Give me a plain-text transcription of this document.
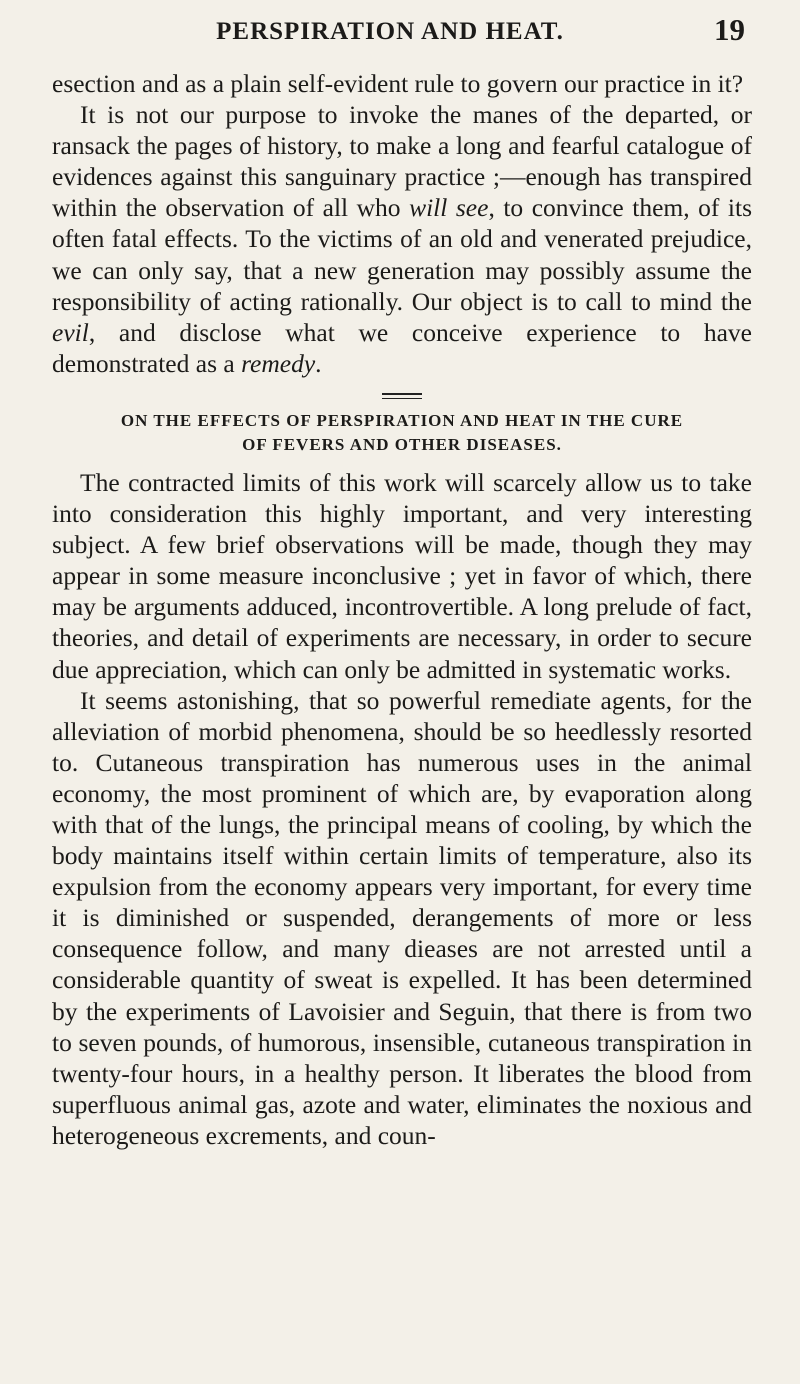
PERSPIRATION AND HEAT.	19

esection and as a plain self-evident rule to govern our practice in it?

It is not our purpose to invoke the manes of the departed, or ransack the pages of history, to make a long and fearful catalogue of evidences against this sanguinary practice ;—enough has transpired within the observation of all who will see, to convince them, of its often fatal effects. To the victims of an old and venerated prejudice, we can only say, that a new generation may possibly assume the responsibility of acting rationally. Our object is to call to mind the evil, and disclose what we conceive experience to have demonstrated as a remedy.

ON THE EFFECTS OF PERSPIRATION AND HEAT IN THE CURE
OF FEVERS AND OTHER DISEASES.

The contracted limits of this work will scarcely allow us to take into consideration this highly important, and very interesting subject. A few brief observations will be made, though they may appear in some measure inconclusive ; yet in favor of which, there may be arguments adduced, incontrovertible. A long prelude of fact, theories, and detail of experiments are necessary, in order to secure due appreciation, which can only be admitted in systematic works.

It seems astonishing, that so powerful remediate agents, for the alleviation of morbid phenomena, should be so heedlessly resorted to. Cutaneous transpiration has numerous uses in the animal economy, the most prominent of which are, by evaporation along with that of the lungs, the principal means of cooling, by which the body maintains itself within certain limits of temperature, also its expulsion from the economy appears very important, for every time it is diminished or suspended, derangements of more or less consequence follow, and many dieases are not arrested until a considerable quantity of sweat is expelled. It has been determined by the experiments of Lavoisier and Seguin, that there is from two to seven pounds, of humorous, insensible, cutaneous transpiration in twenty-four hours, in a healthy person. It liberates the blood from superfluous animal gas, azote and water, eliminates the noxious and heterogeneous excrements, and coun-
